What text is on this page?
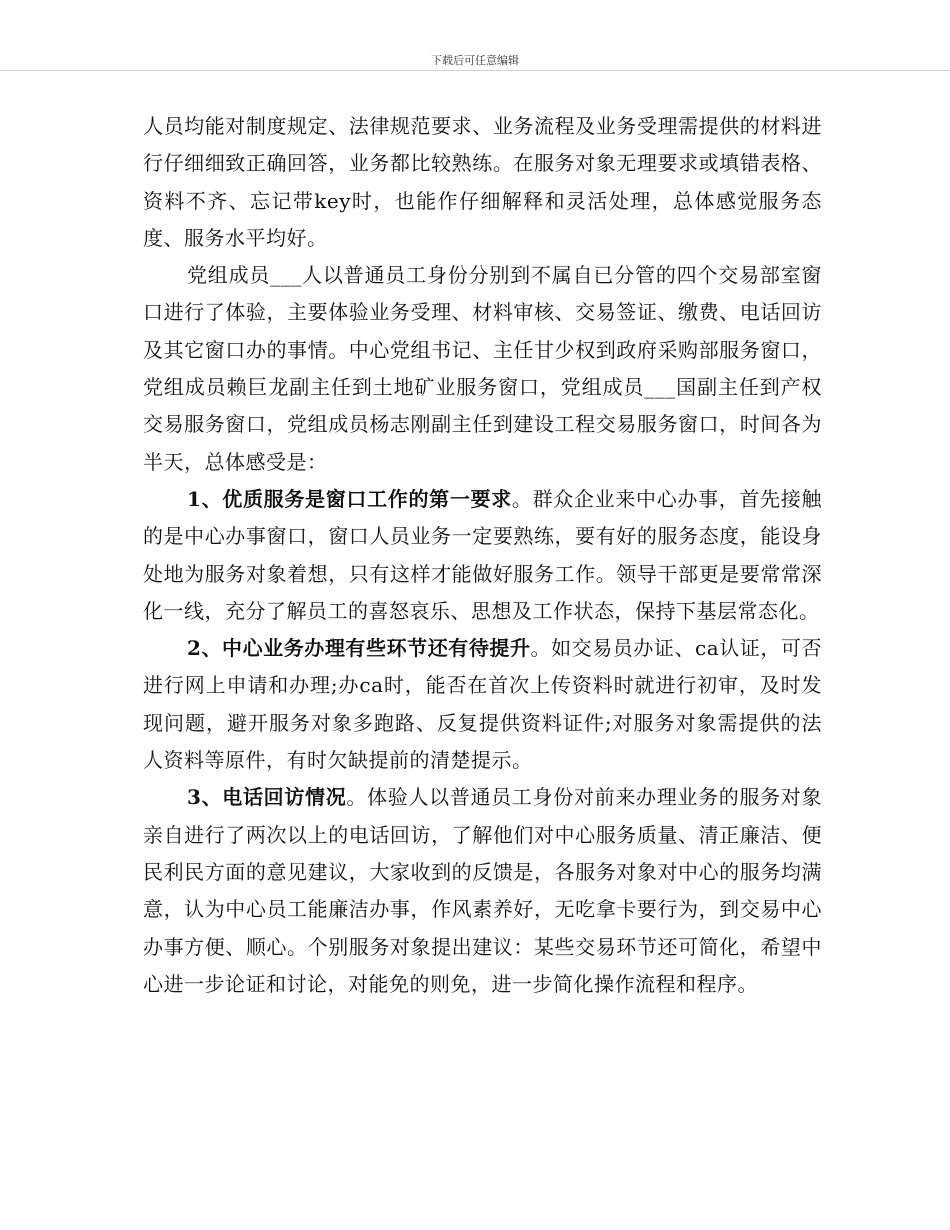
下载后可任意编辑

人员均能对制度规定、法律规范要求、业务流程及业务受理需提供的材料进行仔细细致正确回答，业务都比较熟练。在服务对象无理要求或填错表格、资料不齐、忘记带key时，也能作仔细解释和灵活处理，总体感觉服务态度、服务水平均好。

党组成员___人以普通员工身份分别到不属自已分管的四个交易部室窗口进行了体验，主要体验业务受理、材料审核、交易签证、缴费、电话回访及其它窗口办的事情。中心党组书记、主任甘少权到政府采购部服务窗口，党组成员赖巨龙副主任到土地矿业服务窗口，党组成员___国副主任到产权交易服务窗口，党组成员杨志刚副主任到建设工程交易服务窗口，时间各为半天，总体感受是：

1、优质服务是窗口工作的第一要求。群众企业来中心办事，首先接触的是中心办事窗口，窗口人员业务一定要熟练，要有好的服务态度，能设身处地为服务对象着想，只有这样才能做好服务工作。领导干部更是要常常深化一线，充分了解员工的喜怒哀乐、思想及工作状态，保持下基层常态化。

2、中心业务办理有些环节还有待提升。如交易员办证、ca认证，可否进行网上申请和办理;办ca时，能否在首次上传资料时就进行初审，及时发现问题，避开服务对象多跑路、反复提供资料证件;对服务对象需提供的法人资料等原件，有时欠缺提前的清楚提示。

3、电话回访情况。体验人以普通员工身份对前来办理业务的服务对象亲自进行了两次以上的电话回访，了解他们对中心服务质量、清正廉洁、便民利民方面的意见建议，大家收到的反馈是，各服务对象对中心的服务均满意，认为中心员工能廉洁办事，作风素养好，无吃拿卡要行为，到交易中心办事方便、顺心。个别服务对象提出建议：某些交易环节还可简化，希望中心进一步论证和讨论，对能免的则免，进一步简化操作流程和程序。
